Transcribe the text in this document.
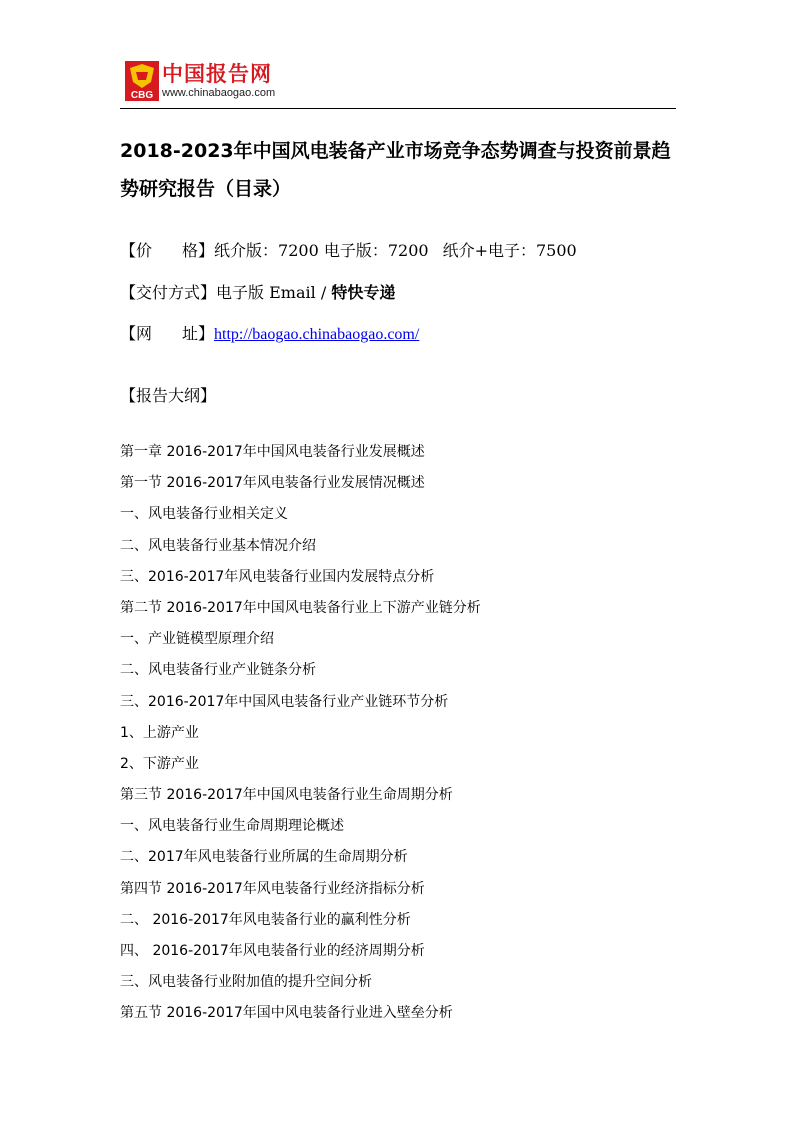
CBG
中国报告网
www.chinabaogao.com
2018-2023年中国风电装备产业市场竞争态势调查与投资前景趋势研究报告（目录）
【价 格】纸介版：7200 电子版：7200 纸介+电子：7500
【交付方式】电子版 Email / 特快专递
【网 址】http://baogao.chinabaogao.com/
【报告大纲】
第一章 2016-2017年中国风电装备行业发展概述
第一节 2016-2017年风电装备行业发展情况概述
一、风电装备行业相关定义
二、风电装备行业基本情况介绍
三、2016-2017年风电装备行业国内发展特点分析
第二节 2016-2017年中国风电装备行业上下游产业链分析
一、产业链模型原理介绍
二、风电装备行业产业链条分析
三、2016-2017年中国风电装备行业产业链环节分析
1、上游产业
2、下游产业
第三节 2016-2017年中国风电装备行业生命周期分析
一、风电装备行业生命周期理论概述
二、2017年风电装备行业所属的生命周期分析
第四节 2016-2017年风电装备行业经济指标分析
二、 2016-2017年风电装备行业的赢利性分析
四、 2016-2017年风电装备行业的经济周期分析
三、风电装备行业附加值的提升空间分析
第五节 2016-2017年国中风电装备行业进入壁垒分析
